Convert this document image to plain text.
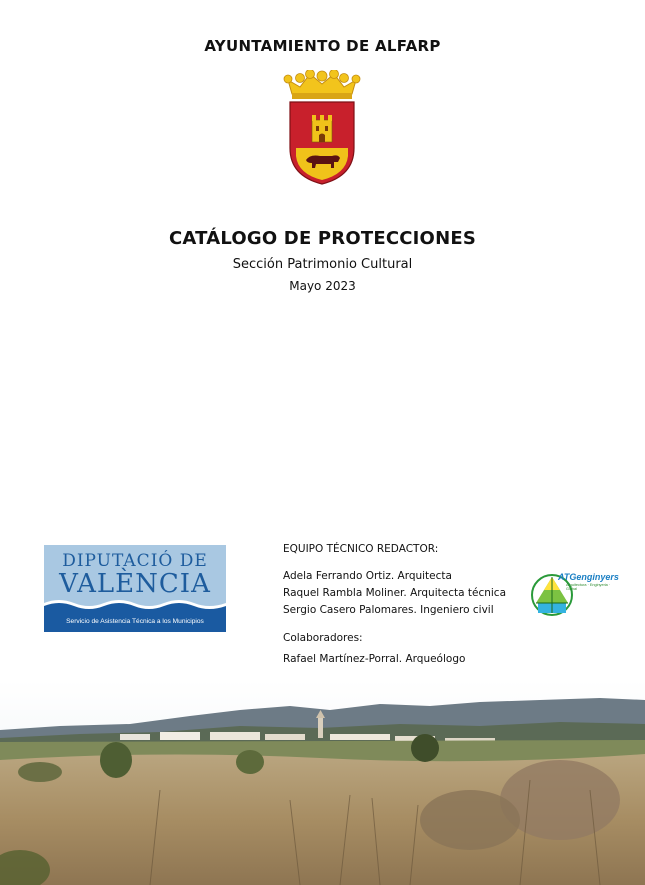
AYUNTAMIENTO DE ALFARP
CATÁLOGO DE PROTECCIONES
Sección Patrimonio Cultural
Mayo 2023
DIPUTACIÓ DE
VALÈNCIA
Servicio de Asistencia Técnica a los Municipios
EQUIPO TÉCNICO REDACTOR:
Adela Ferrando Ortiz. Arquitecta
Raquel Rambla Moliner. Arquitecta técnica
Sergio Casero Palomares. Ingeniero civil
Colaboradores:
Rafael Martínez-Porral. Arqueólogo
ATGenginyers
Arquitectura · Enginyeria · Global
